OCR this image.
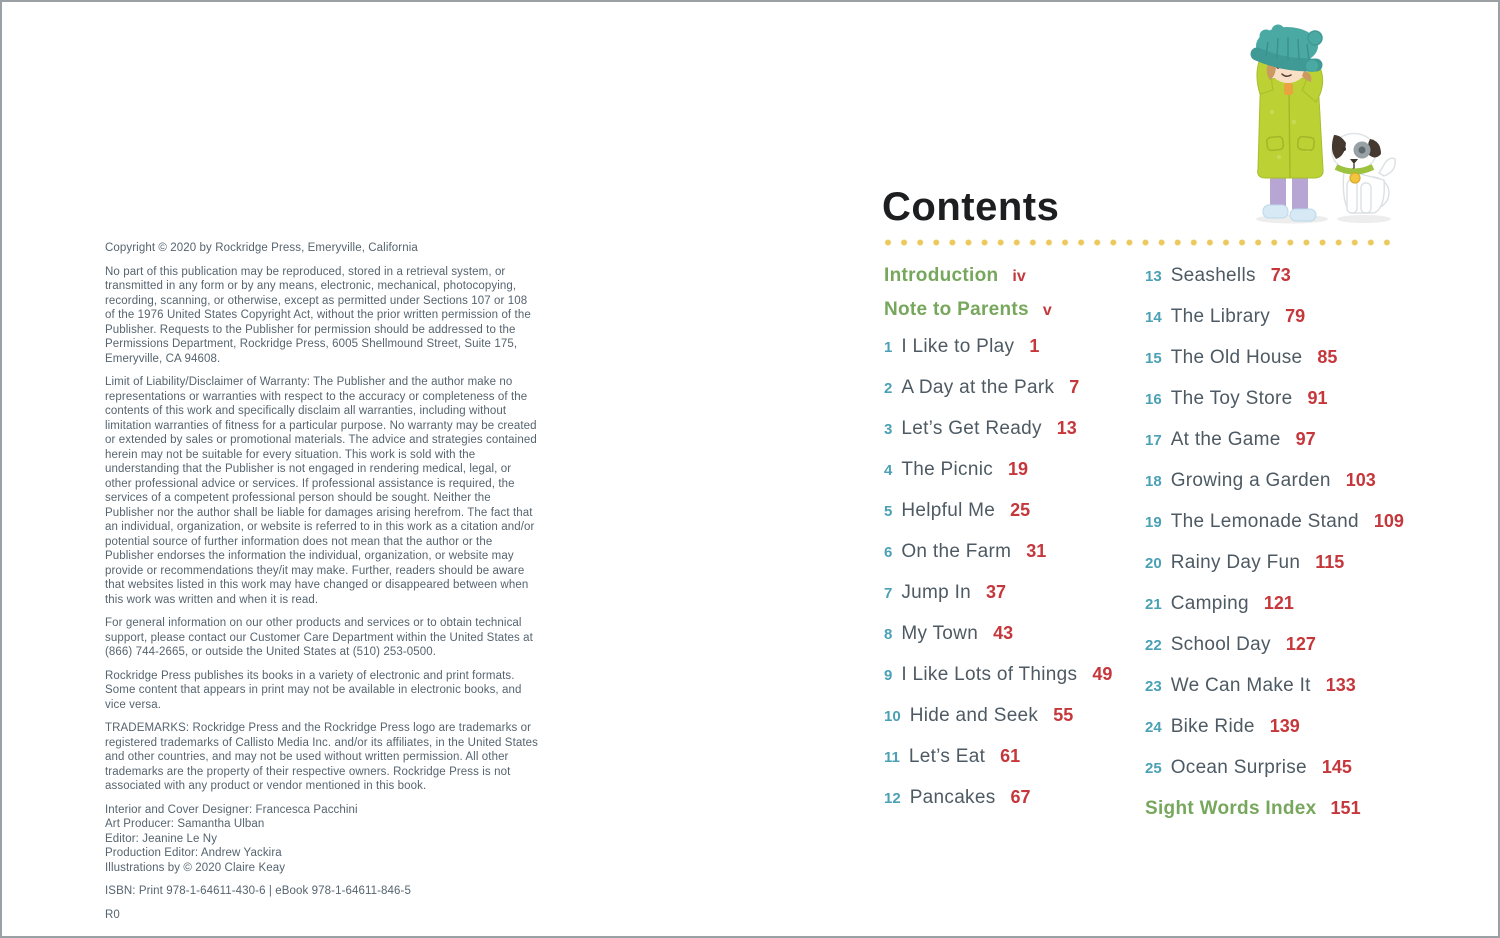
Copyright © 2020 by Rockridge Press, Emeryville, California

No part of this publication may be reproduced, stored in a retrieval system, or transmitted in any form or by any means, electronic, mechanical, photocopying, recording, scanning, or otherwise, except as permitted under Sections 107 or 108 of the 1976 United States Copyright Act, without the prior written permission of the Publisher. Requests to the Publisher for permission should be addressed to the Permissions Department, Rockridge Press, 6005 Shellmound Street, Suite 175, Emeryville, CA 94608.

Limit of Liability/Disclaimer of Warranty: The Publisher and the author make no representations or warranties with respect to the accuracy or completeness of the contents of this work and specifically disclaim all warranties, including without limitation warranties of fitness for a particular purpose. No warranty may be created or extended by sales or promotional materials. The advice and strategies contained herein may not be suitable for every situation. This work is sold with the understanding that the Publisher is not engaged in rendering medical, legal, or other professional advice or services. If professional assistance is required, the services of a competent professional person should be sought. Neither the Publisher nor the author shall be liable for damages arising herefrom. The fact that an individual, organization, or website is referred to in this work as a citation and/or potential source of further information does not mean that the author or the Publisher endorses the information the individual, organization, or website may provide or recommendations they/it may make. Further, readers should be aware that websites listed in this work may have changed or disappeared between when this work was written and when it is read.

For general information on our other products and services or to obtain technical support, please contact our Customer Care Department within the United States at (866) 744-2665, or outside the United States at (510) 253-0500.

Rockridge Press publishes its books in a variety of electronic and print formats. Some content that appears in print may not be available in electronic books, and vice versa.

TRADEMARKS: Rockridge Press and the Rockridge Press logo are trademarks or registered trademarks of Callisto Media Inc. and/or its affiliates, in the United States and other countries, and may not be used without written permission. All other trademarks are the property of their respective owners. Rockridge Press is not associated with any product or vendor mentioned in this book.

Interior and Cover Designer: Francesca Pacchini
Art Producer: Samantha Ulban
Editor: Jeanine Le Ny
Production Editor: Andrew Yackira
Illustrations by © 2020 Claire Keay

ISBN: Print 978-1-64611-430-6 | eBook 978-1-64611-846-5

R0

Contents
Introduction iv
Note to Parents v
1 I Like to Play 1
2 A Day at the Park 7
3 Let’s Get Ready 13
4 The Picnic 19
5 Helpful Me 25
6 On the Farm 31
7 Jump In 37
8 My Town 43
9 I Like Lots of Things 49
10 Hide and Seek 55
11 Let’s Eat 61
12 Pancakes 67
13 Seashells 73
14 The Library 79
15 The Old House 85
16 The Toy Store 91
17 At the Game 97
18 Growing a Garden 103
19 The Lemonade Stand 109
20 Rainy Day Fun 115
21 Camping 121
22 School Day 127
23 We Can Make It 133
24 Bike Ride 139
25 Ocean Surprise 145
Sight Words Index 151
